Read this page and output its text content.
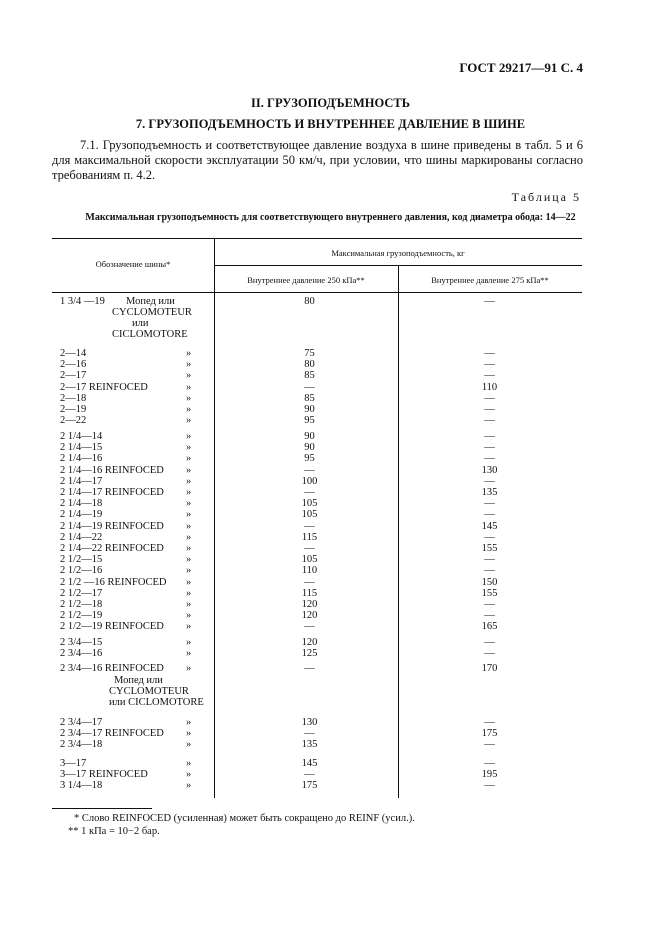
ГОСТ 29217—91 С. 4
II. ГРУЗОПОДЪЕМНОСТЬ
7. ГРУЗОПОДЪЕМНОСТЬ И ВНУТРЕННЕЕ ДАВЛЕНИЕ В ШИНЕ
7.1. Грузоподъемность и соответствующее давление воздуха в шине приведены в табл. 5 и 6 для максимальной скорости эксплуатации 50 км/ч, при условии, что шины маркированы согласно требованиям п. 4.2.
Таблица 5
Максимальная грузоподъемность для соответствующего внутреннего давления, код диаметра обода: 14—22
Обозначение шины*
Максимальная грузоподъемность, кг
Внутреннее давление 250 кПа**	Внутреннее давление 275 кПа**
1 3/4 —19	80	—
Мопед или
CYCLOMOTEUR
или
CICLOMOTORE
2—14	»	75	—
2—16	»	80	—
2—17	»	85	—
2—17 REINFOCED	»	—	110
2—18	»	85	—
2—19	»	90	—
2—22	»	95	—
2 1/4—14	»	90	—
2 1/4—15	»	90	—
2 1/4—16	»	95	—
2 1/4—16 REINFOCED »	—	130
2 1/4—17	»	100	—
2 1/4—17 REINFOCED »	—	135
2 1/4—18	»	105	—
2 1/4—19	»	105	—
2 1/4—19 REINFOCED »	—	145
2 1/4—22	»	115	—
2 1/4—22 REINFOCED »	—	155
2 1/2—15	»	105	—
2 1/2—16	»	110	—
2 1/2 —16 REINFOCED »	—	150
2 1/2—17	»	115	155
2 1/2—18	»	120	—
2 1/2—19	»	120	—
2 1/2—19 REINFOCED »	—	165
2 3/4—15	»	120	—
2 3/4—16	»	125	—
2 3/4—16 REINFOCED »	—	170
Мопед или
CYCLOMOTEUR
или CICLOMOTORE
2 3/4—17	»	130	—
2 3/4—17 REINFOCED »	—	175
2 3/4—18	»	135	—
3—17	»	145	—
3—17 REINFOCED	»	—	195
3 1/4—18	»	175	—
* Слово REINFOCED (усиленная) может быть сокращено до REINF (усил.).
** 1 кПа = 10−2 бар.
